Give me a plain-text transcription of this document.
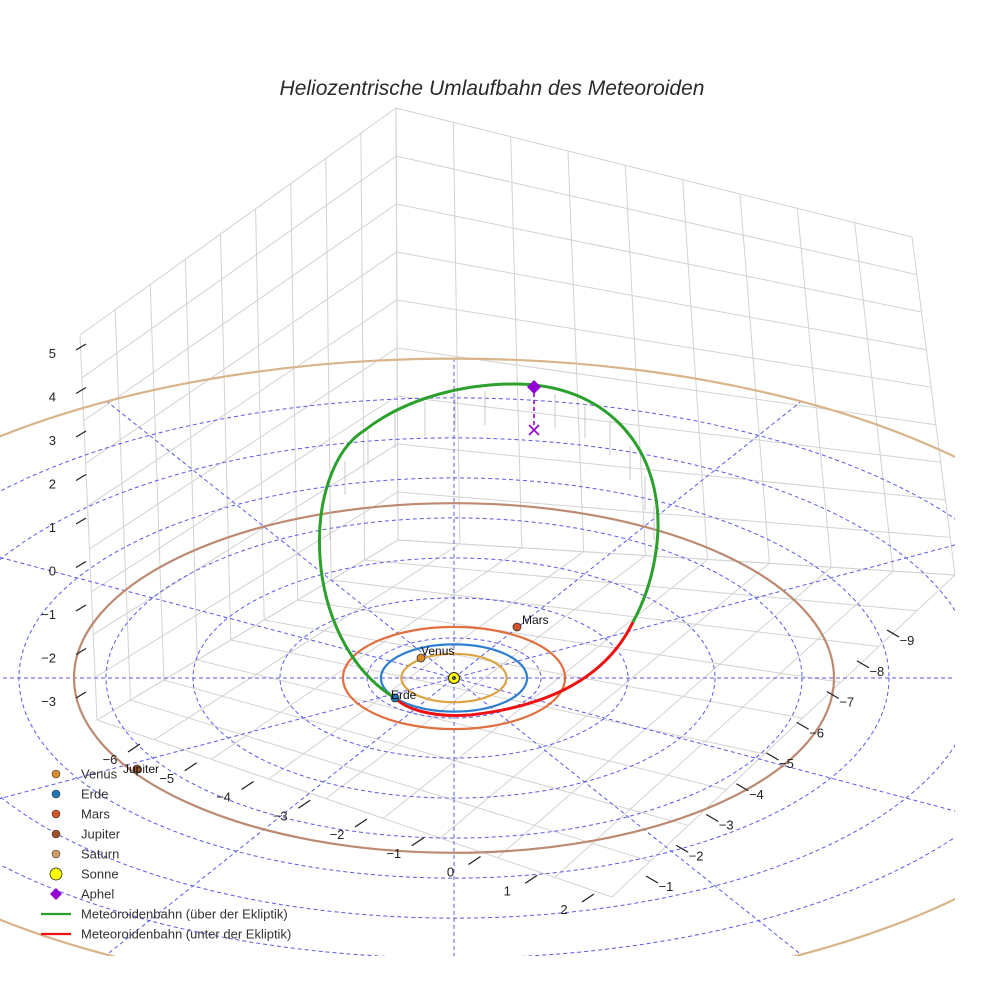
Heliozentrische Umlaufbahn des Meteoroiden
5
4
3
2
1
0
−1
−2
−3
−9
−8
−7
−6
−5
−4
−3
−2
−1
−6
−5
−4
−3
−2
−1
0
1
2
Venus
Erde
Mars
Jupiter
Venus
Erde
Mars
Jupiter
Saturn
Sonne
Aphel
Meteoroidenbahn (über der Ekliptik)
Meteoroidenbahn (unter der Ekliptik)
